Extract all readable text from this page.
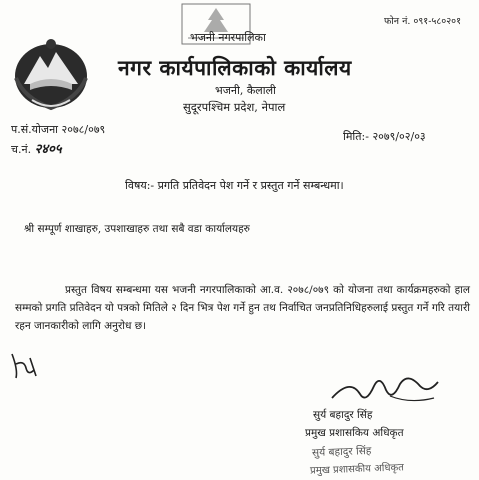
फोन नं. ०९१-५८०२०१
भजनी नगरपालिका
नगर कार्यपालिकाको कार्यालय
भजनी, कैलाली
सुदूरपश्चिम प्रदेश, नेपाल
प.सं.योजना २०७८/०७९
च.नं. २४०५
मिति:- २०७९/०२/०३
विषय:- प्रगति प्रतिवेदन पेश गर्ने र प्रस्तुत गर्ने सम्बन्धमा।
श्री सम्पूर्ण शाखाहरु, उपशाखाहरु तथा सबै वडा कार्यालयहरु
प्रस्तुत विषय सम्बन्धमा यस भजनी नगरपालिकाको आ.व. २०७८/०७९ को योजना तथा कार्यक्रमहरुको हाल सम्मको प्रगति प्रतिवेदन यो पत्रको मितिले २ दिन भित्र पेश गर्ने हुन तथ निर्वाचित जनप्रतिनिधिहरुलाई प्रस्तुत गर्ने गरि तयारी रहन जानकारीको लागि अनुरोध छ।
सुर्य बहादुर सिंह
प्रमुख प्रशासकिय अधिकृत
सुर्य बहादुर सिंह
प्रमुख प्रशासकीय अधिकृत
